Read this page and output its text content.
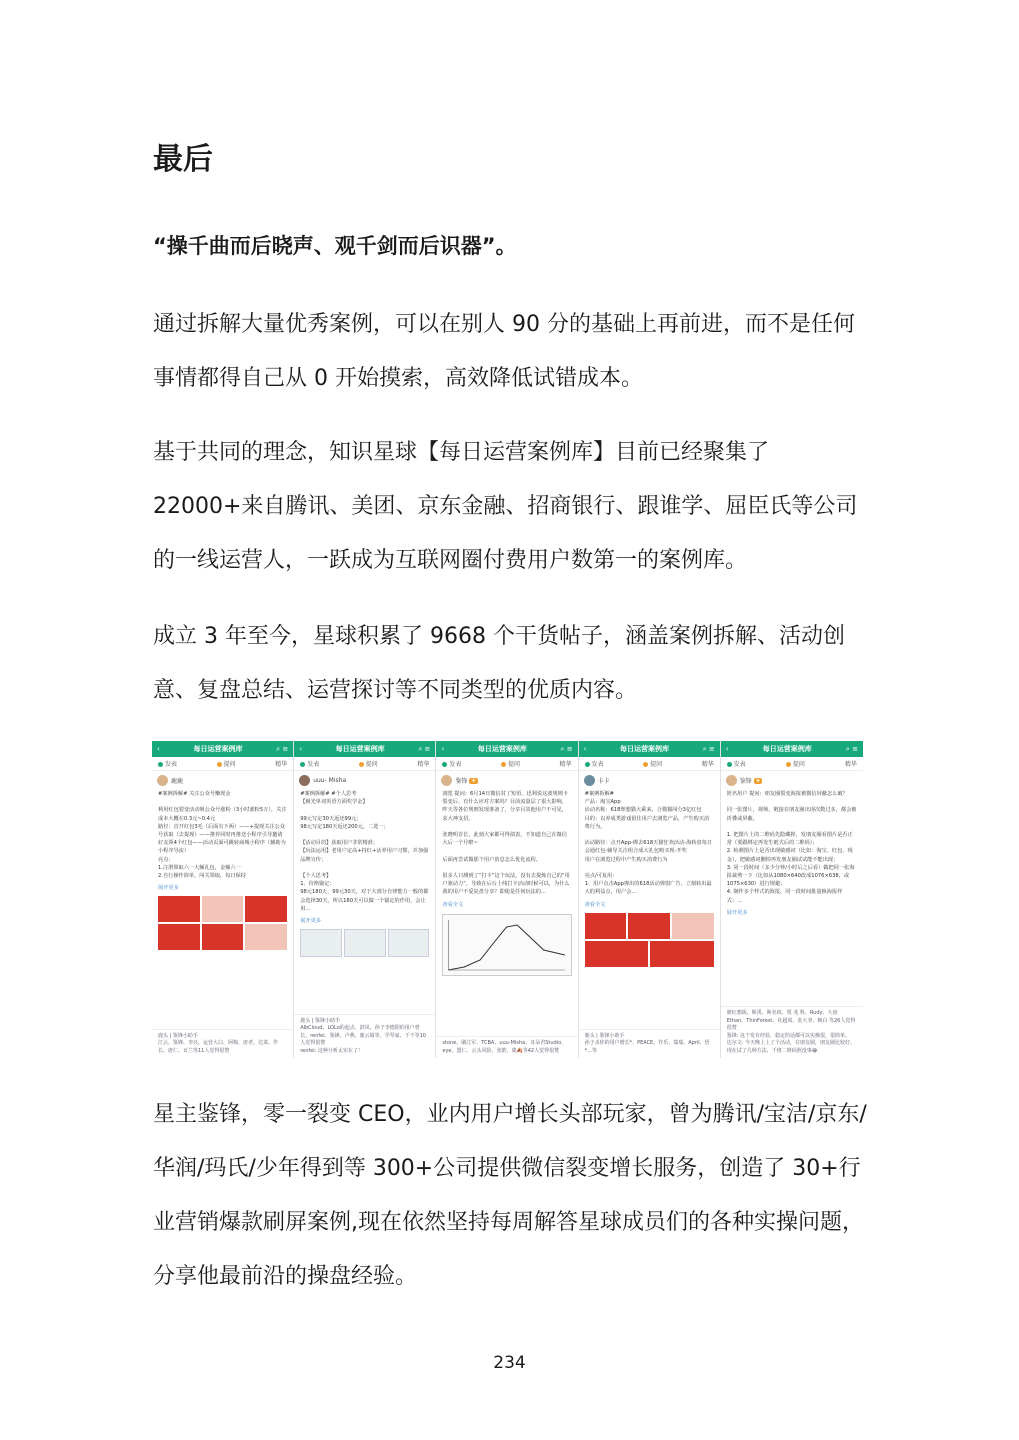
最后

“操千曲而后晓声、观千剑而后识器”。

通过拆解大量优秀案例，可以在别人 90 分的基础上再前进，而不是任何事情都得自己从 0 开始摸索，高效降低试错成本。

基于共同的理念，知识星球【每日运营案例库】目前已经聚集了 22000+来自腾讯、美团、京东金融、招商银行、跟谁学、屈臣氏等公司的一线运营人，一跃成为互联网圈付费用户数第一的案例库。

成立 3 年至今，星球积累了 9668 个干货帖子，涵盖案例拆解、活动创意、复盘总结、运营探讨等不同类型的优质内容。

‹	每日运营案例库	⌕ ≡
发表	提问	精华
鹿鹿
#案例拆解# 关注公众号赚现金

利用红包裂变活动吸公众号涨粉（3小时涨粉5万），关注成本大概在0.3元~0.4元
路径：首开红包3毛（后面有下两）——+提现关注公众号获取（去提现）——推荐同时再推送小程序引导邀请好友领4个红包——活动页面可跳转商城小程序（辅助为小程序导流）
亮点：
1.注册领取六一大额礼包，金额六一
2.自行操作简单，闯关领取，每日保持
展开更多
鹿头 | 鉴锋小助手
江云、鉴锋、李亮、运营大白、阿梅、唐老、达菜、作长、唐仁、百兰等11人觉得很赞
‹	每日运营案例库	⌕ ≡
发表	提问	精华
uuu- Misha
#案例拆解# #个人思考
【极光单词英语方面奖学金】

99元写定30天返还99元；
98元写定180天返还200元，二选一；

【活动目的】获取用户非常精准；
【玩法运用】老用户定高+持红+活养用户习惯，并加强品牌宣传；

【个人思考】
1、价格锚定：
98元180天、99元30天，对于大部分自律能力一般的都会选择30天，所以180天可以做一个锚定的作用，会让用...
展开更多
鹿头 | 鉴锋小助手
AlbCloud、LOLo的起点、鼓风、孙子李德阳的用户曾长、renfei、鉴锋、卢燕、鹿云婧等、学琴家、千千等10人觉得很赞
renfei: 这种分析太实在了！
‹	每日运营案例库	⌕ ≡
发表	提问	精华
鉴锋 ★
浏览 提问：6月14日微信封了短语、迅利说这波规则卡裂变后、有什么应对方案吗？目前流量层了很大影响，昨天等各位规则发现准备了，分享目其他用户不可见，求大神支招。

张晓明首长，此刻大家都可得债表，不知道自己在微信大后一个月啦~

后面再尝试做那个用户消息怎么优化流程。

很多人只测到了“打卡”这个玩法，没有去提炼自己的“用户驱动力”，导致在后台上线打卡活动时候可以，为什么我的用户不爱复盘分享？即使是任何玩法的...
查看全文
stone、刷江军、TCBA、uuu-Misha、耳朵君Studio、eye、盟仁、云头风险、张皓、奠🍂等42人觉得很赞
‹	每日运营案例库	⌕ ≡
发表	提问	精华
卡卡
#案例拆解#
产品：淘宝App
活动名称：618理想猫大乘来，合猫猫闯分3亿红包
目的：以养成类游戏留住用户去浏览产品，产生购买消费行为。

活动路径：点开App-绑去618天猫狂欢活动-海转盘每日会通红包-辅导关注组合成大礼包购买现-开奖
用户在浏览过程中产生购买消费行为

亮点/可复用：
1、用户点击App弹出的618活动弹窗广告，立刻转出最大的利益点，用户会...
查看全文
鹿头 | 鉴锋小助手
孙子杀你的用户增长*、PEACE、作乐、瑞瑞、April、悟*...等
‹	每日运营案例库	⌕ ≡
发表	提问	精华
鉴锋 ★
匿名用户 提问：朋友圈裂变海报被微信屏蔽怎么破？

同一张图片，视频，链接在朋友圈出现次数过多，都会被折叠或屏蔽。

1. 把图片上的二维码先隐藏掉，发朋友圈看图片是否正常（要跟绑定再发生链式后的二维码）；
2. 检测图片上是否出现敏感词（比如：淘宝、红包、现金），把敏感词删掉再发朋友圈试试能不能出现；
3. 同一段时间（多少分钟/小时后之后看）做把同一张海报裁剪一下（比如从1080×640改成1076×638，或1075×630）进行规避；
4. 制作多个样式的海报，同一段时间批量换海报样式：...
展开更多
鼎红想板、斯禹、斯名权、贾 兆 科、Rudy、大叔Ethan、ThinForest、社超周、张大爷、枫白 等26人觉得很赞
鉴锋: 这个发有经验，稳定的话都可以实操很，很简单。
达尔文: 今天晚上上了个活动，在朋友圈，朋友圈比较好、现在试了几种方法、千推二维码照没事😂

星主鉴锋，零一裂变 CEO，业内用户增长头部玩家，曾为腾讯/宝洁/京东/华润/玛氏/少年得到等 300+公司提供微信裂变增长服务，创造了 30+行业营销爆款刷屏案例,现在依然坚持每周解答星球成员们的各种实操问题，分享他最前沿的操盘经验。

234
